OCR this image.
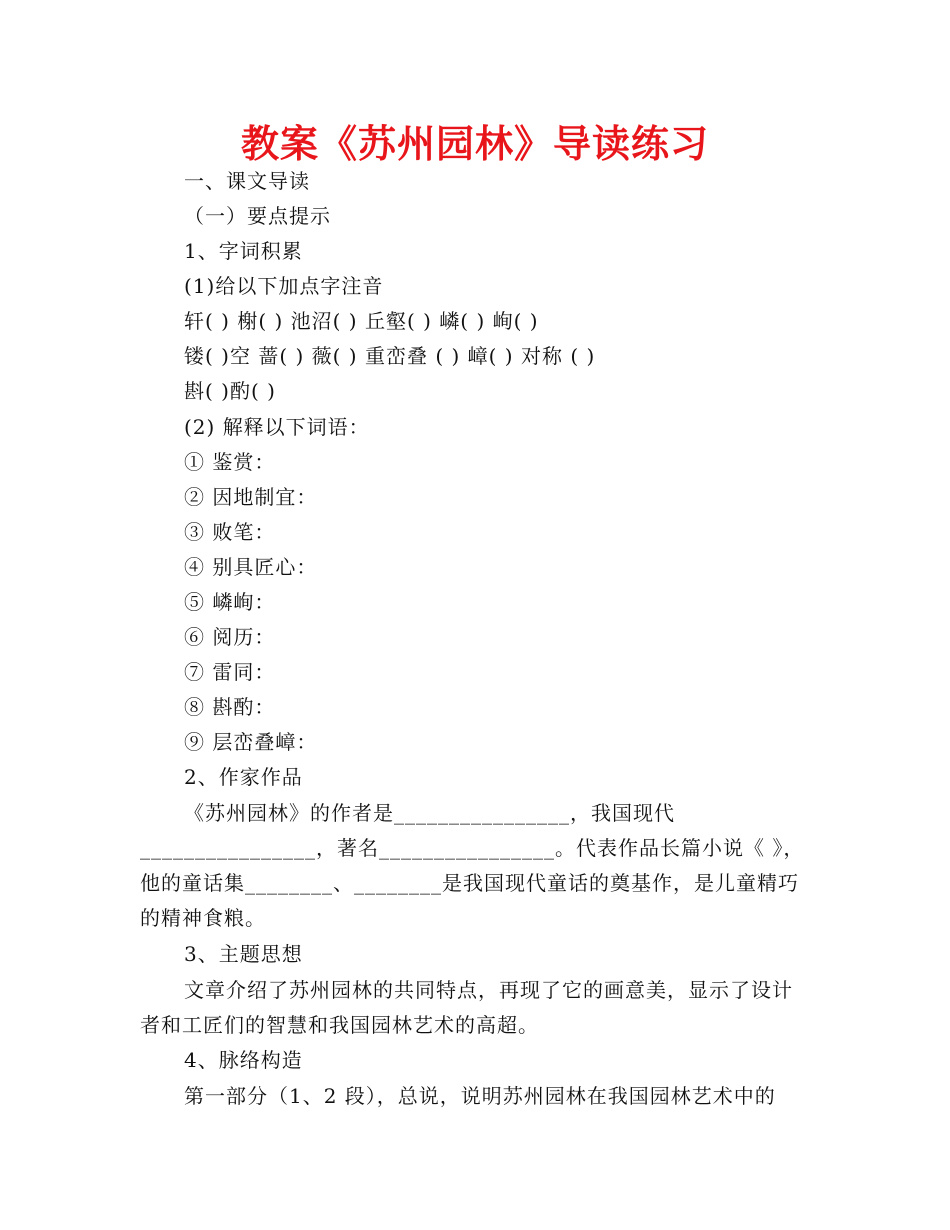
教案《苏州园林》导读练习
一、课文导读
（一）要点提示
1、字词积累
(1)给以下加点字注音
轩( ) 榭( ) 池沼( ) 丘壑( ) 嶙( ) 峋( )
镂( )空 蔷( ) 薇( ) 重峦叠 ( ) 嶂( ) 对称 ( )
斟( )酌( )
(2) 解释以下词语：
① 鉴赏：
② 因地制宜：
③ 败笔：
④ 别具匠心：
⑤ 嶙峋：
⑥ 阅历：
⑦ 雷同：
⑧ 斟酌：
⑨ 层峦叠嶂：
2、作家作品
《苏州园林》的作者是________________，我国现代________________，著名________________。代表作品长篇小说《 》，他的童话集________、________是我国现代童话的奠基作，是儿童精巧的精神食粮。
3、主题思想
文章介绍了苏州园林的共同特点，再现了它的画意美，显示了设计者和工匠们的智慧和我国园林艺术的高超。
4、脉络构造
第一部分（1、2 段），总说，说明苏州园林在我国园林艺术中的
